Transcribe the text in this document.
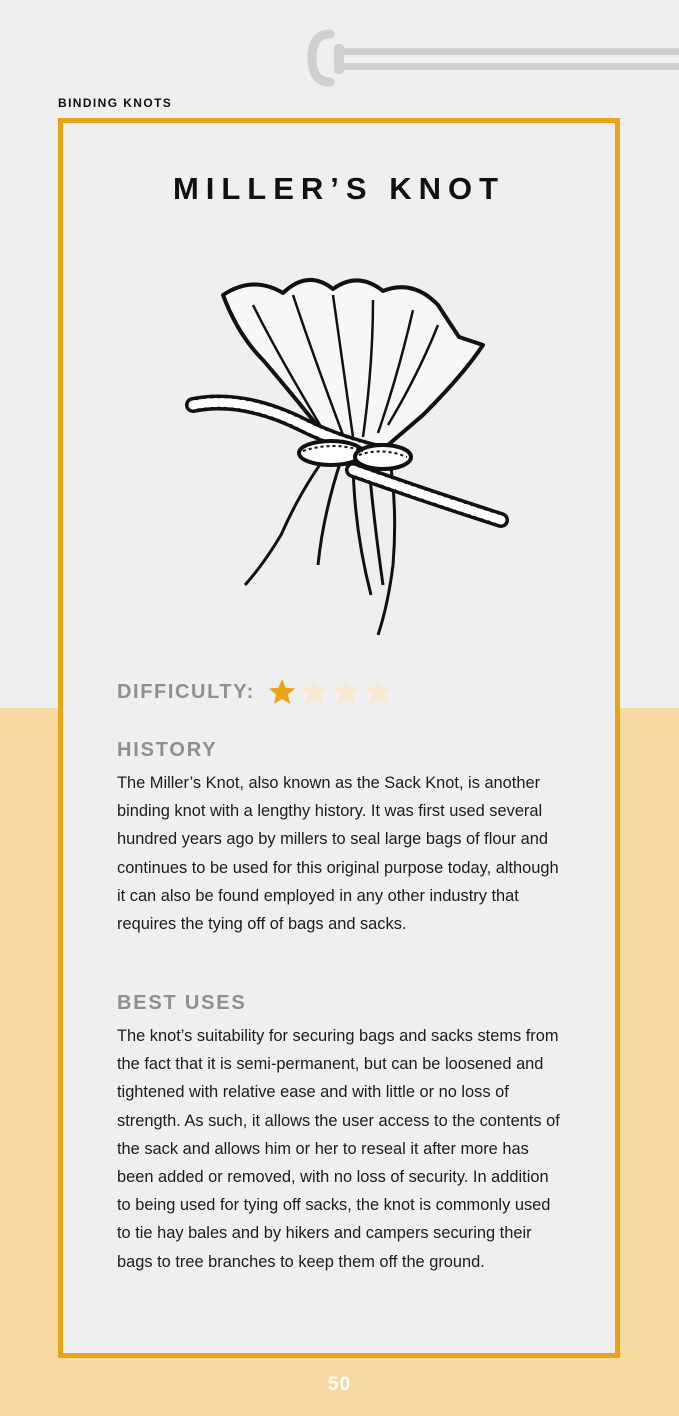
BINDING KNOTS
MILLER’S KNOT
DIFFICULTY:
HISTORY

The Miller’s Knot, also known as the Sack Knot, is another binding knot with a lengthy history. It was first used several hundred years ago by millers to seal large bags of flour and continues to be used for this original purpose today, although it can also be found employed in any other industry that requires the tying off of bags and sacks.

BEST USES

The knot’s suitability for securing bags and sacks stems from the fact that it is semi-permanent, but can be loosened and tightened with relative ease and with little or no loss of strength. As such, it allows the user access to the contents of the sack and allows him or her to reseal it after more has been added or removed, with no loss of security. In addition to being used for tying off sacks, the knot is commonly used to tie hay bales and by hikers and campers securing their bags to tree branches to keep them off the ground.

50
